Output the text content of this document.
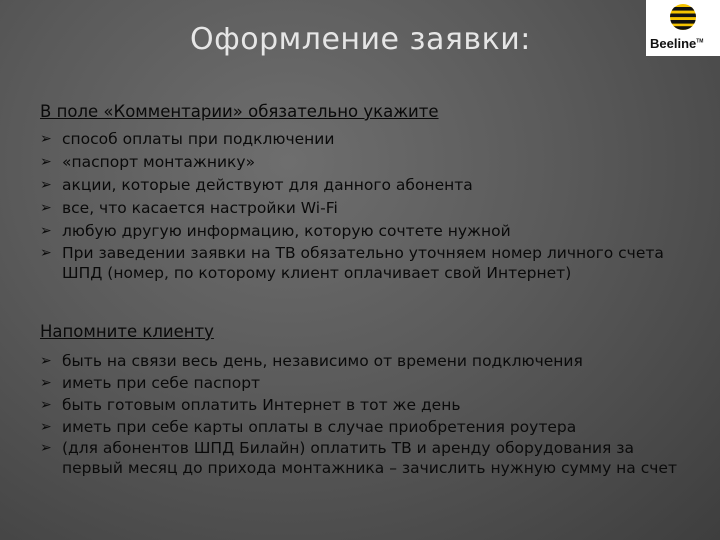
Оформление заявки:	Beeline™
В поле «Комментарии» обязательно укажите
➢ способ оплаты при подключении
➢ «паспорт монтажнику»
➢ акции, которые действуют для данного абонента
➢ все, что касается настройки Wi-Fi
➢ любую другую информацию, которую сочтете нужной
➢ При заведении заявки на ТВ обязательно уточняем номер личного счета ШПД (номер, по которому клиент оплачивает свой Интернет)
Напомните клиенту
➢ быть на связи весь день, независимо от времени подключения
➢ иметь при себе паспорт
➢ быть готовым оплатить Интернет в тот же день
➢ иметь при себе карты оплаты в случае приобретения роутера
➢ (для абонентов ШПД Билайн) оплатить ТВ и аренду оборудования за первый месяц до прихода монтажника – зачислить нужную сумму на счет
